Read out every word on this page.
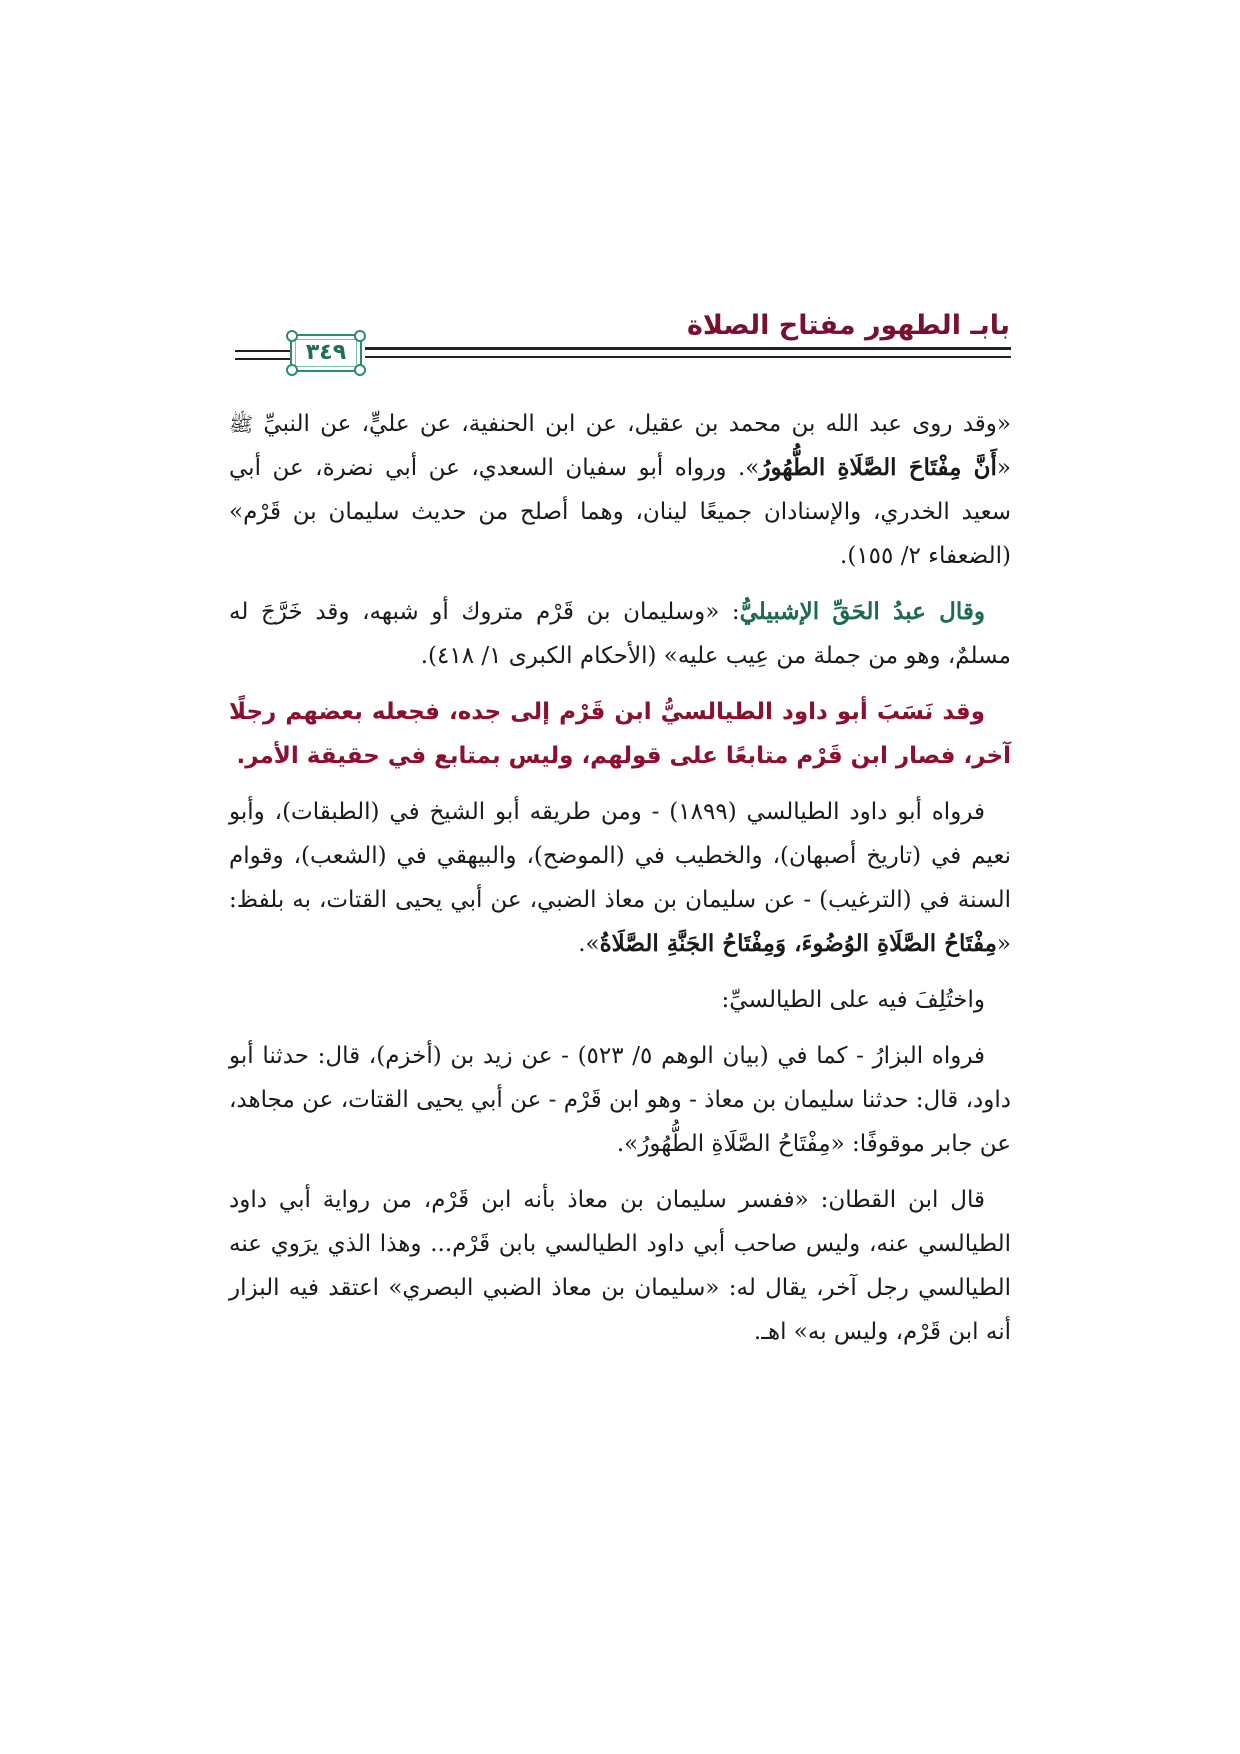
بابـ الطهور مفتاح الصلاة
٣٤٩

«وقد روى عبد الله بن محمد بن عقيل، عن ابن الحنفية، عن عليٍّ، عن النبيِّ ﷺ «أَنَّ مِفْتَاحَ الصَّلَاةِ الطُّهُورُ». ورواه أبو سفيان السعدي، عن أبي نضرة، عن أبي سعيد الخدري، والإسنادان جميعًا لينان، وهما أصلح من حديث سليمان بن قَرْم» (الضعفاء ٢/ ١٥٥).

وقال عبدُ الحَقِّ الإشبيليُّ: «وسليمان بن قَرْم متروك أو شبهه، وقد خَرَّجَ له مسلمٌ، وهو من جملة من عِيب عليه» (الأحكام الكبرى ١/ ٤١٨).

وقد نَسَبَ أبو داود الطيالسيُّ ابن قَرْم إلى جده، فجعله بعضهم رجلًا آخر، فصار ابن قَرْم متابعًا على قولهم، وليس بمتابع في حقيقة الأمر.

فرواه أبو داود الطيالسي (١٨٩٩) - ومن طريقه أبو الشيخ في (الطبقات)، وأبو نعيم في (تاريخ أصبهان)، والخطيب في (الموضح)، والبيهقي في (الشعب)، وقوام السنة في (الترغيب) - عن سليمان بن معاذ الضبي، عن أبي يحيى القتات، به بلفظ: «مِفْتَاحُ الصَّلَاةِ الوُضُوءَ، وَمِفْتَاحُ الجَنَّةِ الصَّلَاةُ».

واختُلِفَ فيه على الطيالسيِّ:

فرواه البزارُ - كما في (بيان الوهم ٥/ ٥٢٣) - عن زيد بن (أخزم)، قال: حدثنا أبو داود، قال: حدثنا سليمان بن معاذ - وهو ابن قَرْم - عن أبي يحيى القتات، عن مجاهد، عن جابر موقوفًا: «مِفْتَاحُ الصَّلَاةِ الطُّهُورُ».

قال ابن القطان: «ففسر سليمان بن معاذ بأنه ابن قَرْم، من رواية أبي داود الطيالسي عنه، وليس صاحب أبي داود الطيالسي بابن قَرْم... وهذا الذي يرَوي عنه الطيالسي رجل آخر، يقال له: «سليمان بن معاذ الضبي البصري» اعتقد فيه البزار أنه ابن قَرْم، وليس به» اهـ.
